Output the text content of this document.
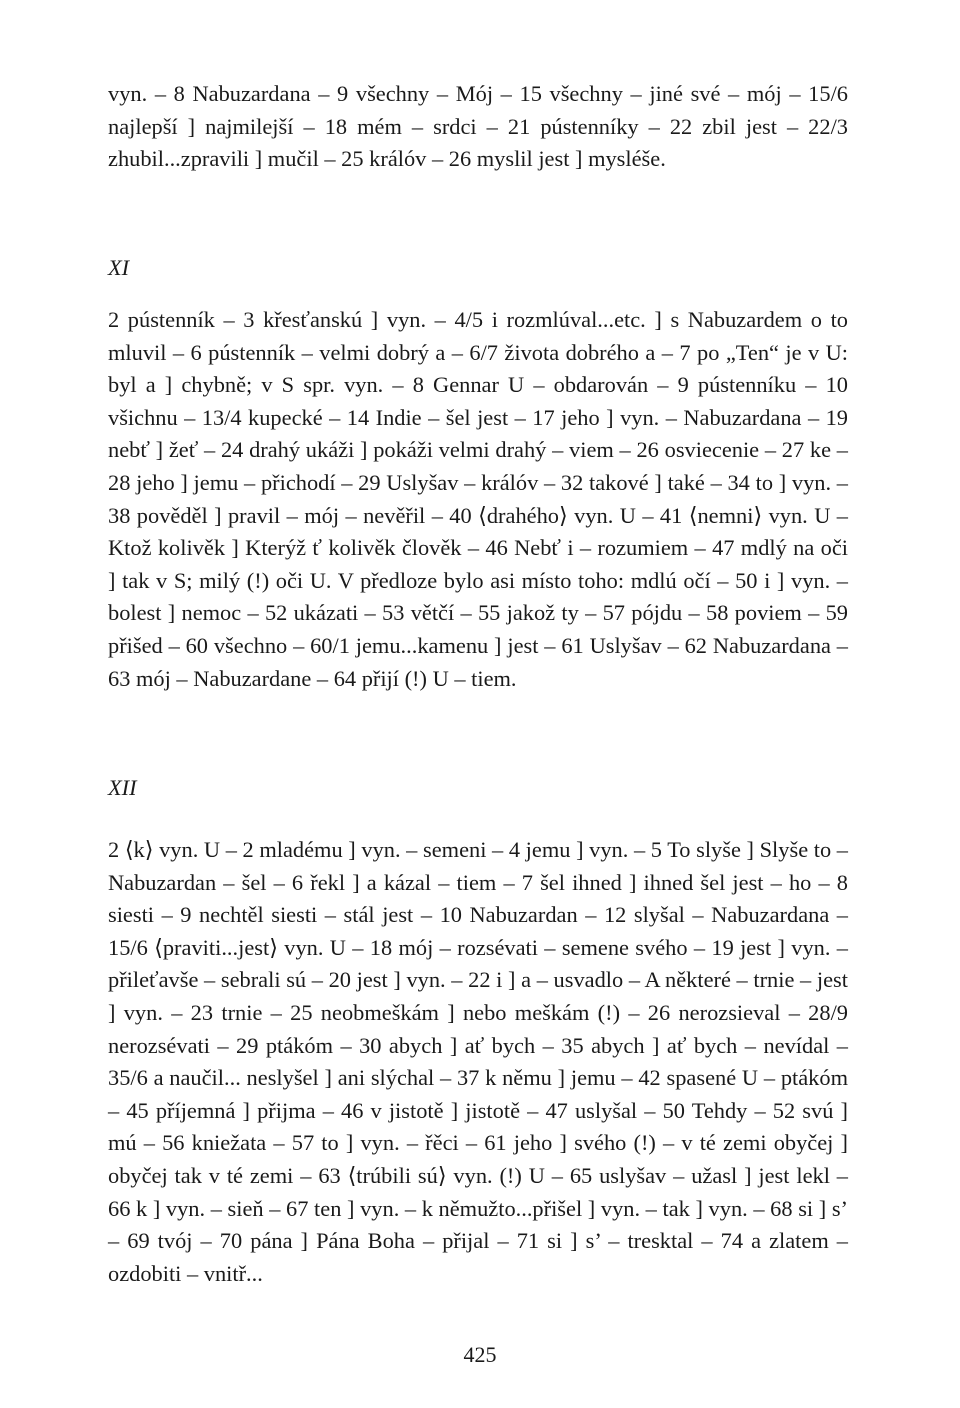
vyn. – 8 Nabuzardana – 9 všechny – Mój – 15 všechny – jiné své – mój – 15/6 najlepší ] najmilejší – 18 mém – srdci – 21 pústenníky – 22 zbil jest – 22/3 zhubil...zpravili ] mučil – 25 králóv – 26 myslil jest ] mysléše.

XI

2 pústenník – 3 křesťanskú ] vyn. – 4/5 i rozmlúval...etc. ] s Nabuzardem o to mluvil – 6 pústenník – velmi dobrý a – 6/7 života dobrého a – 7 po „Ten“ je v U: byl a ] chybně; v S spr. vyn. – 8 Gennar U – obdarován – 9 pústenníku – 10 všichnu – 13/4 kupecké – 14 Indie – šel jest – 17 jeho ] vyn. – Nabuzardana – 19 nebť ] žeť – 24 drahý ukáži ] pokáži velmi drahý – viem – 26 osviecenie – 27 ke – 28 jeho ] jemu – přichodí – 29 Uslyšav – králóv – 32 takové ] také – 34 to ] vyn. – 38 pověděl ] pravil – mój – nevěřil – 40 ⟨drahého⟩ vyn. U – 41 ⟨nemni⟩ vyn. U – Ktož kolivěk ] Kterýž ť kolivěk člověk – 46 Nebť i – rozumiem – 47 mdlý na oči ] tak v S; milý (!) oči U. V předloze bylo asi místo toho: mdlú očí – 50 i ] vyn. – bolest ] nemoc – 52 ukázati – 53 větčí – 55 jakož ty – 57 pójdu – 58 poviem – 59 přišed – 60 všechno – 60/1 jemu...kamenu ] jest – 61 Uslyšav – 62 Nabuzardana – 63 mój – Nabuzardane – 64 přijí (!) U – tiem.

XII

2 ⟨k⟩ vyn. U – 2 mladému ] vyn. – semeni – 4 jemu ] vyn. – 5 To slyše ] Slyše to – Nabuzardan – šel – 6 řekl ] a kázal – tiem – 7 šel ihned ] ihned šel jest – ho – 8 siesti – 9 nechtěl siesti – stál jest – 10 Nabuzardan – 12 slyšal – Nabuzardana – 15/6 ⟨praviti...jest⟩ vyn. U – 18 mój – rozsévati – semene svého – 19 jest ] vyn. – přileťavše – sebrali sú – 20 jest ] vyn. – 22 i ] a – usvadlo – A některé – trnie – jest ] vyn. – 23 trnie – 25 neobmeškám ] nebo meškám (!) – 26 nerozsieval – 28/9 nerozsévati – 29 ptákóm – 30 abych ] ať bych – 35 abych ] ať bych – nevídal – 35/6 a naučil... neslyšel ] ani slýchal – 37 k němu ] jemu – 42 spasené U – ptákóm – 45 příjemná ] přijma – 46 v jistotě ] jistotě – 47 uslyšal – 50 Tehdy – 52 svú ] mú – 56 kniežata – 57 to ] vyn. – řěci – 61 jeho ] svého (!) – v té zemi obyčej ] obyčej tak v té zemi – 63 ⟨trúbili sú⟩ vyn. (!) U – 65 uslyšav – užasl ] jest lekl – 66 k ] vyn. – sieň – 67 ten ] vyn. – k němužto...přišel ] vyn. – tak ] vyn. – 68 si ] s’ – 69 tvój – 70 pána ] Pána Boha – přijal – 71 si ] s’ – tresktal – 74 a zlatem – ozdobiti – vnitř...

425
